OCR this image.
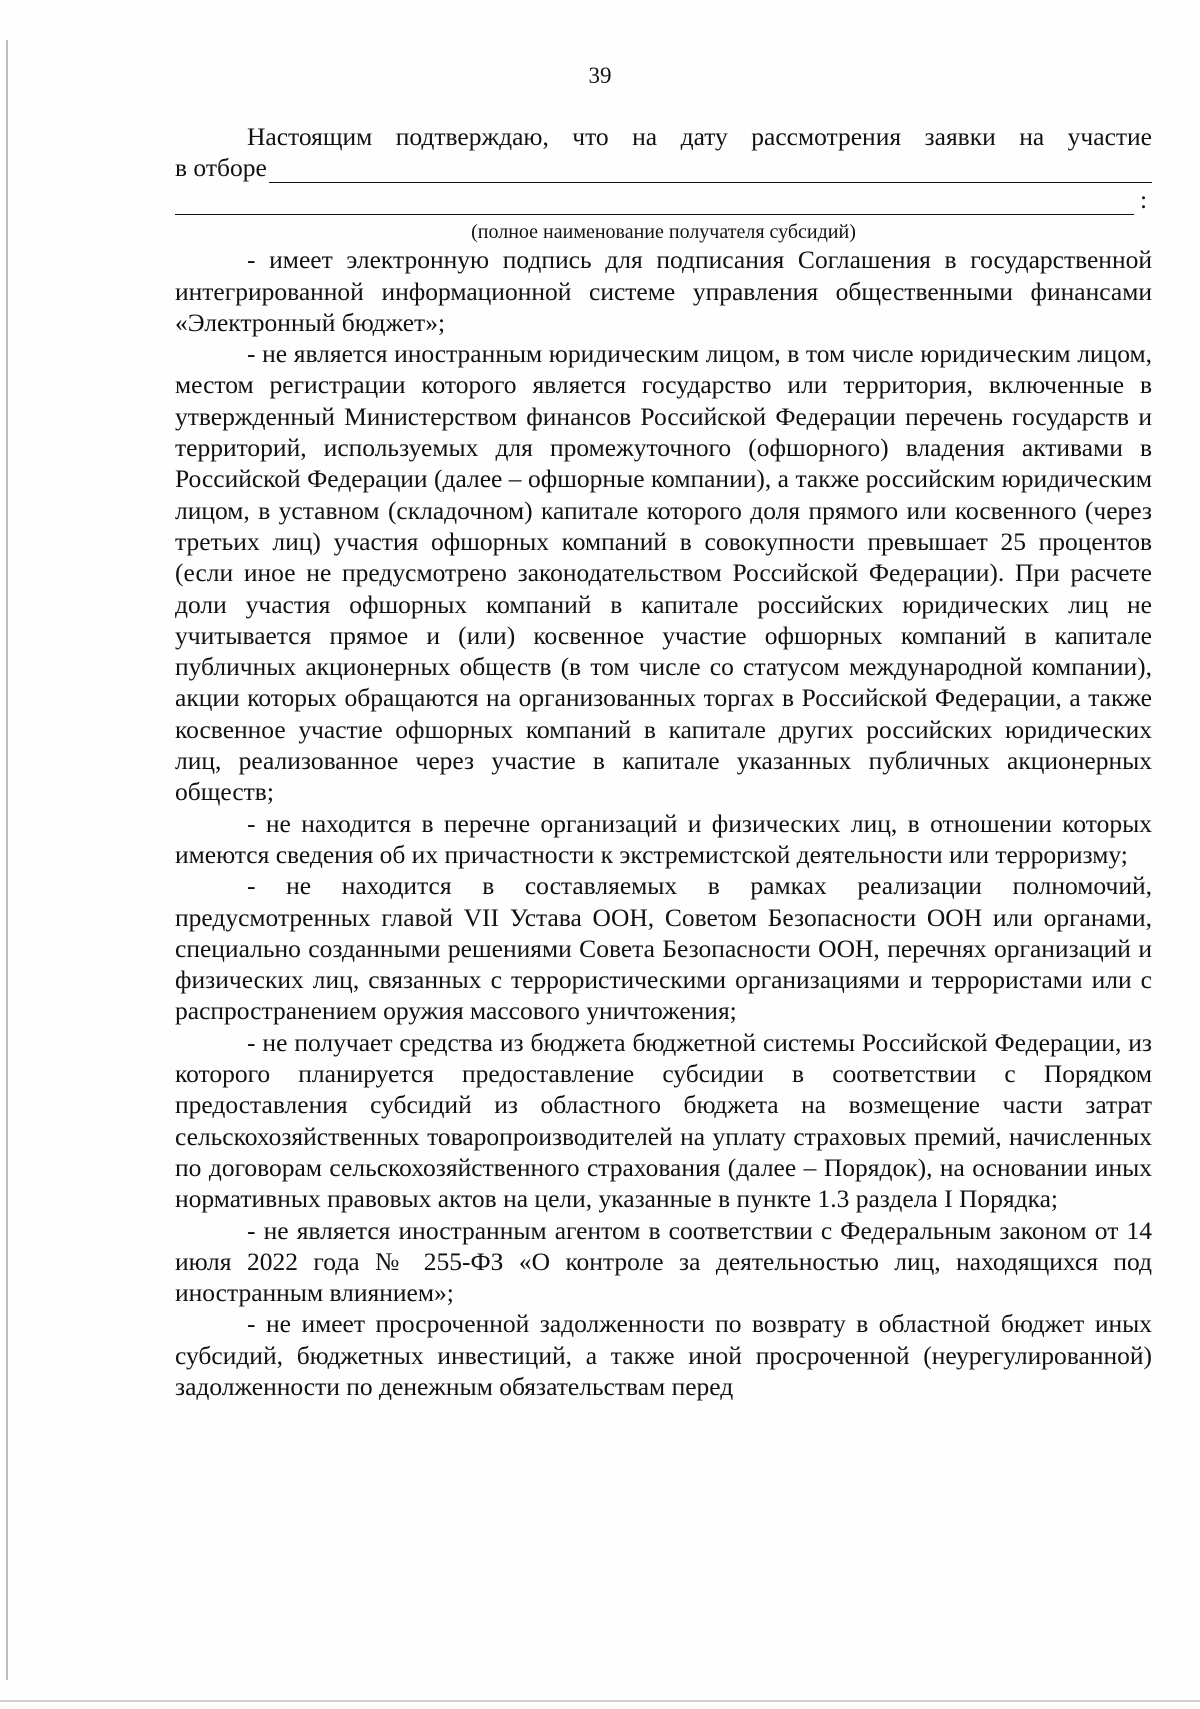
39
Настоящим подтверждаю, что на дату рассмотрения заявки на участие
в отборе
:
(полное наименование получателя субсидий)

- имеет электронную подпись для подписания Соглашения в государственной интегрированной информационной системе управления общественными финансами «Электронный бюджет»;

- не является иностранным юридическим лицом, в том числе юридическим лицом, местом регистрации которого является государство или территория, включенные в утвержденный Министерством финансов Российской Федерации перечень государств и территорий, используемых для промежуточного (офшорного) владения активами в Российской Федерации (далее – офшорные компании), а также российским юридическим лицом, в уставном (складочном) капитале которого доля прямого или косвенного (через третьих лиц) участия офшорных компаний в совокупности превышает 25 процентов (если иное не предусмотрено законодательством Российской Федерации). При расчете доли участия офшорных компаний в капитале российских юридических лиц не учитывается прямое и (или) косвенное участие офшорных компаний в капитале публичных акционерных обществ (в том числе со статусом международной компании), акции которых обращаются на организованных торгах в Российской Федерации, а также косвенное участие офшорных компаний в капитале других российских юридических лиц, реализованное через участие в капитале указанных публичных акционерных обществ;

- не находится в перечне организаций и физических лиц, в отношении которых имеются сведения об их причастности к экстремистской деятельности или терроризму;

- не находится в составляемых в рамках реализации полномочий, предусмотренных главой VII Устава ООН, Советом Безопасности ООН или органами, специально созданными решениями Совета Безопасности ООН, перечнях организаций и физических лиц, связанных с террористическими организациями и террористами или с распространением оружия массового уничтожения;

- не получает средства из бюджета бюджетной системы Российской Федерации, из которого планируется предоставление субсидии в соответствии с Порядком предоставления субсидий из областного бюджета на возмещение части затрат сельскохозяйственных товаропроизводителей на уплату страховых премий, начисленных по договорам сельскохозяйственного страхования (далее – Порядок), на основании иных нормативных правовых актов на цели, указанные в пункте 1.3 раздела I Порядка;

- не является иностранным агентом в соответствии с Федеральным законом от 14 июля 2022 года № 255-ФЗ «О контроле за деятельностью лиц, находящихся под иностранным влиянием»;

- не имеет просроченной задолженности по возврату в областной бюджет иных субсидий, бюджетных инвестиций, а также иной просроченной (неурегулированной) задолженности по денежным обязательствам перед
